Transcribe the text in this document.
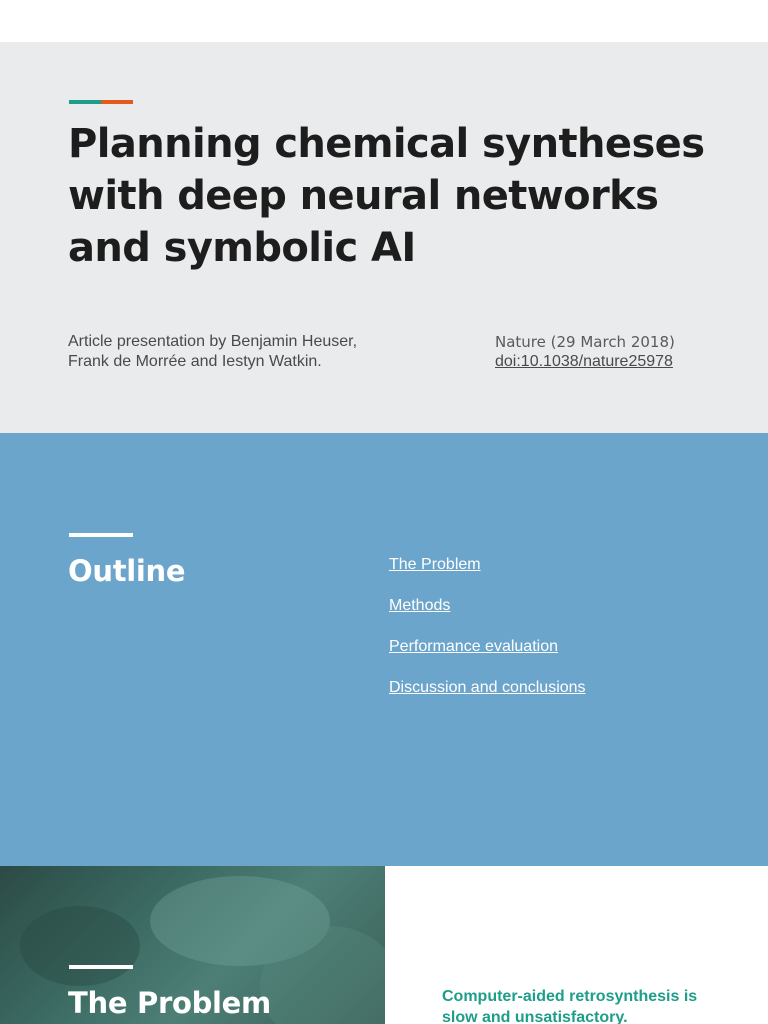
Planning chemical syntheses with deep neural networks and symbolic AI
Article presentation by Benjamin Heuser,
Frank de Morrée and Iestyn Watkin.
Nature (29 March 2018)
doi:10.1038/nature25978
Outline	The Problem
Methods
Performance evaluation
Discussion and conclusions
The Problem	Computer-aided retrosynthesis is slow and unsatisfactory.
